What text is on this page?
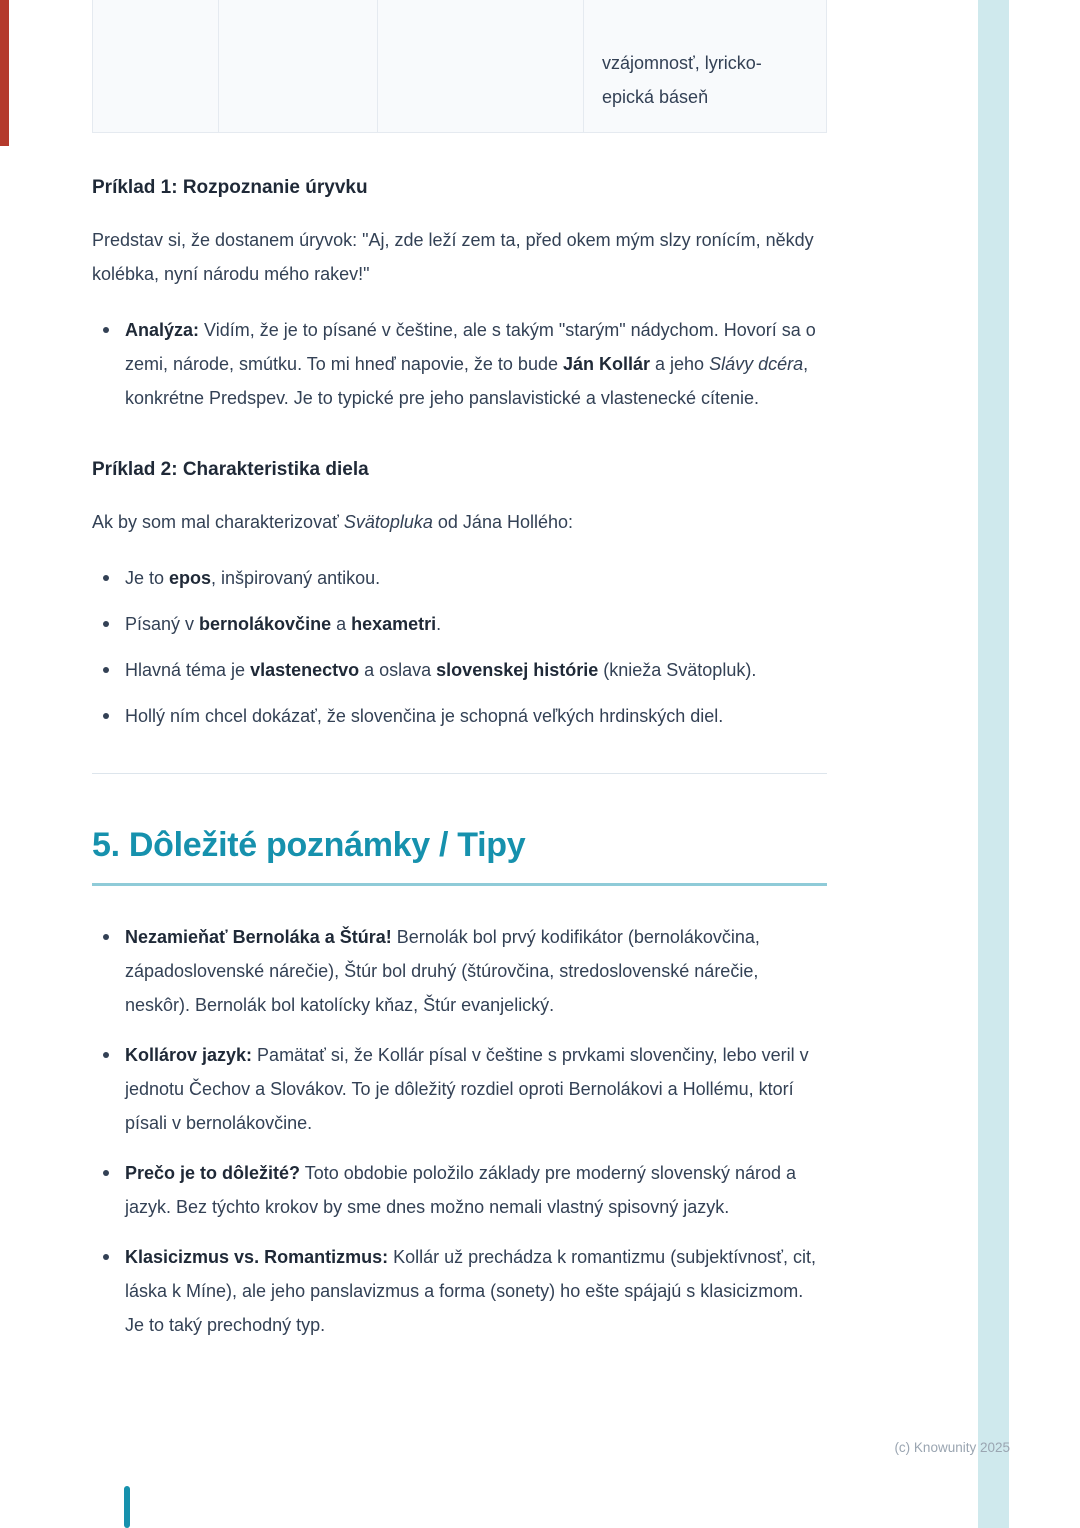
vzájomnosť, lyricko-epická báseň
Príklad 1: Rozpoznanie úryvku

Predstav si, že dostanem úryvok: "Aj, zde leží zem ta, před okem mým slzy ronícím, někdy kolébka, nyní národu mého rakev!"

Analýza: Vidím, že je to písané v češtine, ale s takým "starým" nádychom. Hovorí sa o zemi, národe, smútku. To mi hneď napovie, že to bude Ján Kollár a jeho Slávy dcéra, konkrétne Predspev. Je to typické pre jeho panslavistické a vlastenecké cítenie.
Príklad 2: Charakteristika diela

Ak by som mal charakterizovať Svätopluka od Jána Hollého:

Je to epos, inšpirovaný antikou.
Písaný v bernolákovčine a hexametri.
Hlavná téma je vlastenectvo a oslava slovenskej histórie (knieža Svätopluk).
Hollý ním chcel dokázať, že slovenčina je schopná veľkých hrdinských diel.
5. Dôležité poznámky / Tipy
Nezamieňať Bernoláka a Štúra! Bernolák bol prvý kodifikátor (bernolákovčina, západoslovenské nárečie), Štúr bol druhý (štúrovčina, stredoslovenské nárečie, neskôr). Bernolák bol katolícky kňaz, Štúr evanjelický.
Kollárov jazyk: Pamätať si, že Kollár písal v češtine s prvkami slovenčiny, lebo veril v jednotu Čechov a Slovákov. To je dôležitý rozdiel oproti Bernolákovi a Hollému, ktorí písali v bernolákovčine.
Prečo je to dôležité? Toto obdobie položilo základy pre moderný slovenský národ a jazyk. Bez týchto krokov by sme dnes možno nemali vlastný spisovný jazyk.
Klasicizmus vs. Romantizmus: Kollár už prechádza k romantizmu (subjektívnosť, cit, láska k Míne), ale jeho panslavizmus a forma (sonety) ho ešte spájajú s klasicizmom. Je to taký prechodný typ.
(c) Knowunity 2025
